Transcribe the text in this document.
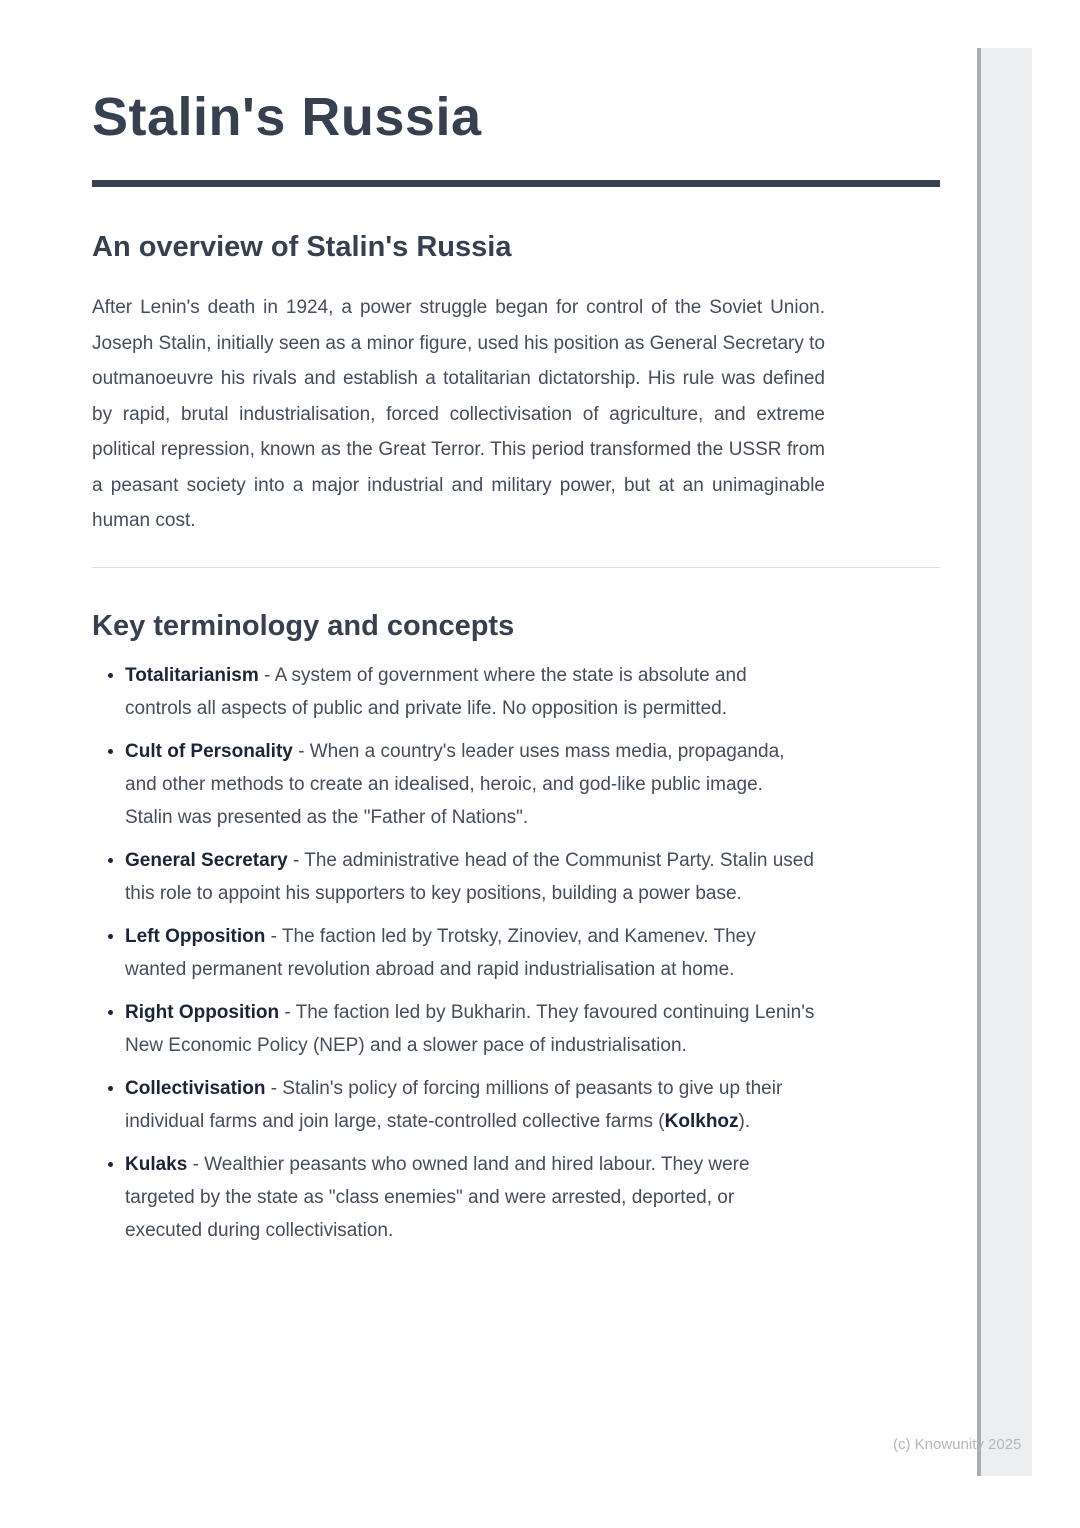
Stalin's Russia
An overview of Stalin's Russia

After Lenin's death in 1924, a power struggle began for control of the Soviet Union. Joseph Stalin, initially seen as a minor figure, used his position as General Secretary to outmanoeuvre his rivals and establish a totalitarian dictatorship. His rule was defined by rapid, brutal industrialisation, forced collectivisation of agriculture, and extreme political repression, known as the Great Terror. This period transformed the USSR from a peasant society into a major industrial and military power, but at an unimaginable human cost.

Key terminology and concepts
• Totalitarianism - A system of government where the state is absolute and controls all aspects of public and private life. No opposition is permitted.
• Cult of Personality - When a country's leader uses mass media, propaganda, and other methods to create an idealised, heroic, and god-like public image. Stalin was presented as the "Father of Nations".
• General Secretary - The administrative head of the Communist Party. Stalin used this role to appoint his supporters to key positions, building a power base.
• Left Opposition - The faction led by Trotsky, Zinoviev, and Kamenev. They wanted permanent revolution abroad and rapid industrialisation at home.
• Right Opposition - The faction led by Bukharin. They favoured continuing Lenin's New Economic Policy (NEP) and a slower pace of industrialisation.
• Collectivisation - Stalin's policy of forcing millions of peasants to give up their individual farms and join large, state-controlled collective farms (Kolkhoz).
• Kulaks - Wealthier peasants who owned land and hired labour. They were targeted by the state as "class enemies" and were arrested, deported, or executed during collectivisation.
(c) Knowunity 2025
